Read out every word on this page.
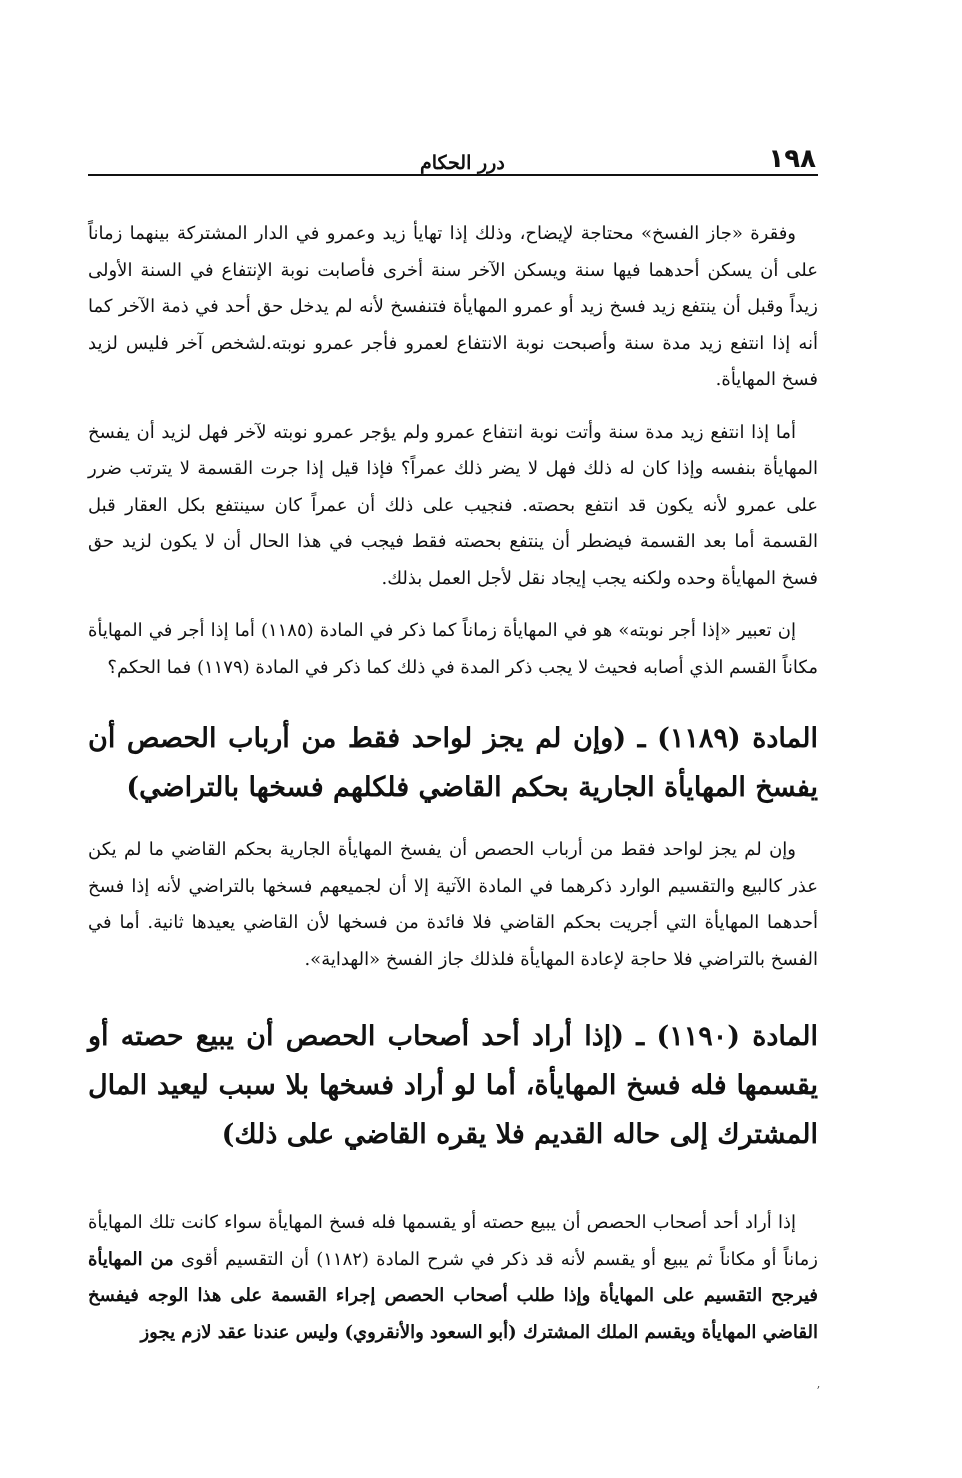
١٩٨
درر الحكام

وفقرة «جاز الفسخ» محتاجة لإيضاح، وذلك إذا تهايأ زيد وعمرو في الدار المشتركة بينهما زماناً على أن يسكن أحدهما فيها سنة ويسكن الآخر سنة أخرى فأصابت نوبة الإنتفاع في السنة الأولى زيداً وقبل أن ينتفع زيد فسخ زيد أو عمرو المهايأة فتنفسخ لأنه لم يدخل حق أحد في ذمة الآخر كما أنه إذا انتفع زيد مدة سنة وأصبحت نوبة الانتفاع لعمرو فأجر عمرو نوبته.لشخص آخر فليس لزيد فسخ المهايأة.

أما إذا انتفع زيد مدة سنة وأتت نوبة انتفاع عمرو ولم يؤجر عمرو نوبته لآخر فهل لزيد أن يفسخ المهايأة بنفسه وإذا كان له ذلك فهل لا يضر ذلك عمراً؟ فإذا قيل إذا جرت القسمة لا يترتب ضرر على عمرو لأنه يكون قد انتفع بحصته. فنجيب على ذلك أن عمراً كان سينتفع بكل العقار قبل القسمة أما بعد القسمة فيضطر أن ينتفع بحصته فقط فيجب في هذا الحال أن لا يكون لزيد حق فسخ المهايأة وحده ولكنه يجب إيجاد نقل لأجل العمل بذلك.

إن تعبير «إذا أجر نوبته» هو في المهايأة زماناً كما ذكر في المادة (١١٨٥) أما إذا أجر في المهايأة مكاناً القسم الذي أصابه فحيث لا يجب ذكر المدة في ذلك كما ذكر في المادة (١١٧٩) فما الحكم؟

المادة (١١٨٩) ـ (وإن لم يجز لواحد فقط من أرباب الحصص أن يفسخ المهايأة الجارية بحكم القاضي فلكلهم فسخها بالتراضي)

وإن لم يجز لواحد فقط من أرباب الحصص أن يفسخ المهايأة الجارية بحكم القاضي ما لم يكن عذر كالبيع والتقسيم الوارد ذكرهما في المادة الآتية إلا أن لجميعهم فسخها بالتراضي لأنه إذا فسخ أحدهما المهايأة التي أجريت بحكم القاضي فلا فائدة من فسخها لأن القاضي يعيدها ثانية. أما في الفسخ بالتراضي فلا حاجة لإعادة المهايأة فلذلك جاز الفسخ «الهداية».

المادة (١١٩٠) ـ (إذا أراد أحد أصحاب الحصص أن يبيع حصته أو يقسمها فله فسخ المهايأة، أما لو أراد فسخها بلا سبب ليعيد المال المشترك إلى حاله القديم فلا يقره القاضي على ذلك)

إذا أراد أحد أصحاب الحصص أن يبيع حصته أو يقسمها فله فسخ المهايأة سواء كانت تلك المهايأة زماناً أو مكاناً ثم يبيع أو يقسم لأنه قد ذكر في شرح المادة (١١٨٢) أن التقسيم أقوى من المهايأة فيرجح التقسيم على المهايأة وإذا طلب أصحاب الحصص إجراء القسمة على هذا الوجه فيفسخ القاضي المهايأة ويقسم الملك المشترك (أبو السعود والأنقروي) وليس عندنا عقد لازم يجوز

ʼ
